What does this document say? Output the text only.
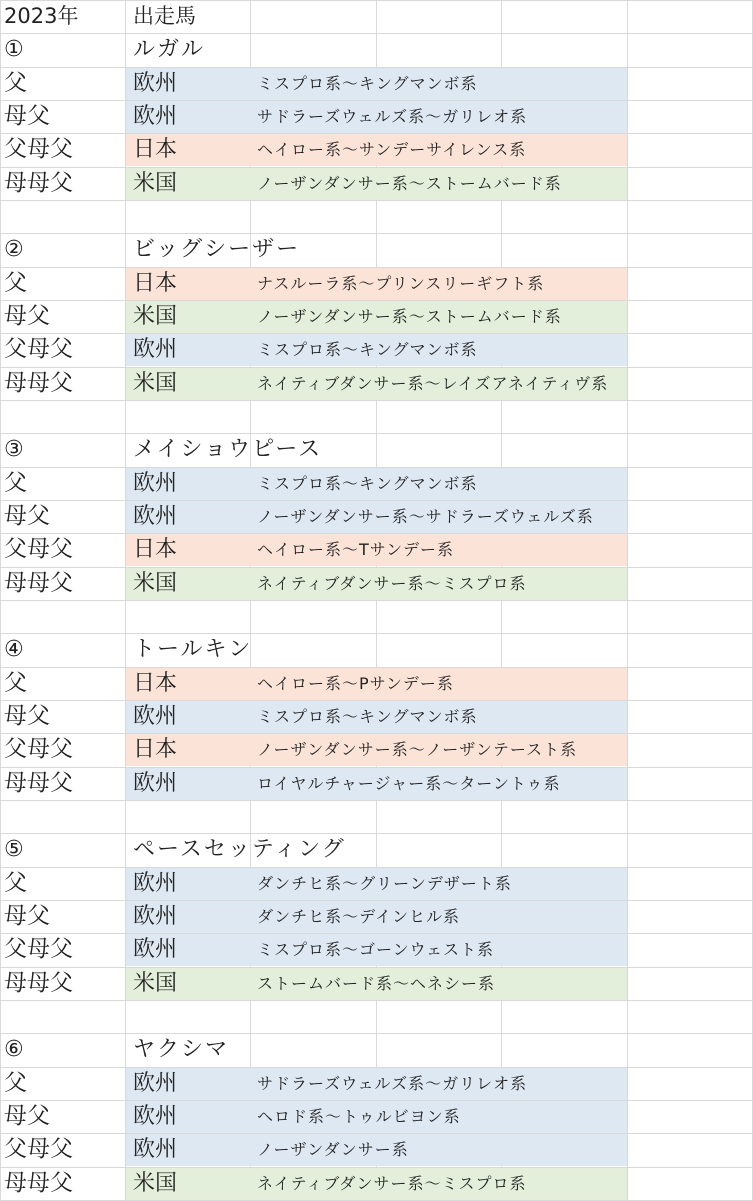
2023年	出走馬
①	ルガル
父	欧州	ミスプロ系～キングマンボ系
母父	欧州	サドラーズウェルズ系～ガリレオ系
父母父	日本	ヘイロー系～サンデーサイレンス系
母母父	米国	ノーザンダンサー系～ストームバード系
②	ビッグシーザー
父	日本	ナスルーラ系～プリンスリーギフト系
母父	米国	ノーザンダンサー系～ストームバード系
父母父	欧州	ミスプロ系～キングマンボ系
母母父	米国	ネイティブダンサー系～レイズアネイティヴ系
③	メイショウピース
父	欧州	ミスプロ系～キングマンボ系
母父	欧州	ノーザンダンサー系～サドラーズウェルズ系
父母父	日本	ヘイロー系～Tサンデー系
母母父	米国	ネイティブダンサー系～ミスプロ系
④	トールキン
父	日本	ヘイロー系～Pサンデー系
母父	欧州	ミスプロ系～キングマンボ系
父母父	日本	ノーザンダンサー系～ノーザンテースト系
母母父	欧州	ロイヤルチャージャー系～ターントゥ系
⑤	ペースセッティング
父	欧州	ダンチヒ系～グリーンデザート系
母父	欧州	ダンチヒ系～デインヒル系
父母父	欧州	ミスプロ系～ゴーンウェスト系
母母父	米国	ストームバード系～ヘネシー系
⑥	ヤクシマ
父	欧州	サドラーズウェルズ系～ガリレオ系
母父	欧州	ヘロド系～トゥルビヨン系
父母父	欧州	ノーザンダンサー系
母母父	米国	ネイティブダンサー系～ミスプロ系
